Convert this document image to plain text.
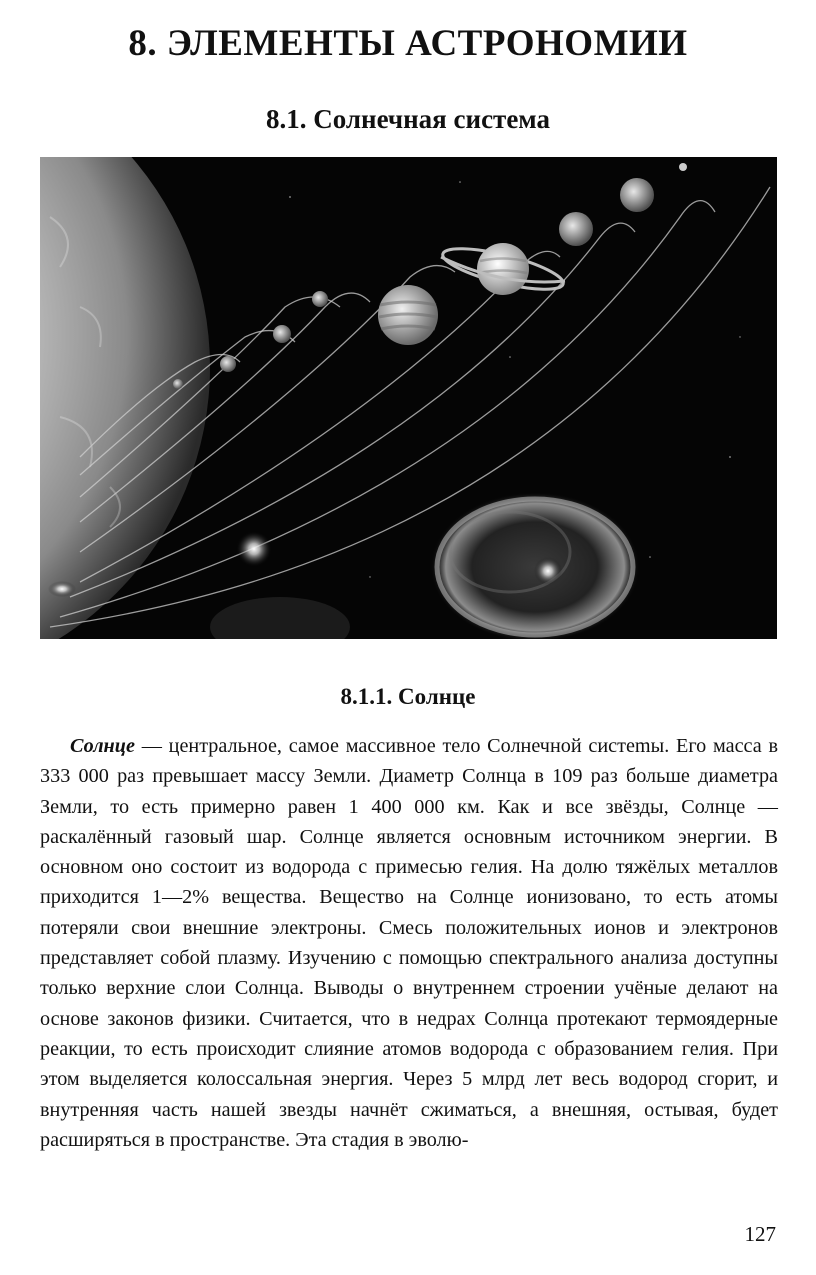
8. ЭЛЕМЕНТЫ АСТРОНОМИИ
8.1. Солнечная система
8.1.1. Солнце

Солнце — центральное, самое массивное тело Солнечной систеmы. Его масса в 333 000 раз превышает массу Земли. Диаметр Солнца в 109 раз больше диаметра Земли, то есть примерно равен 1 400 000 км. Как и все звёзды, Солнце — раскалённый газовый шар. Солнце является основным источником энергии. В основном оно состоит из водорода с примесью гелия. На долю тяжёлых металлов приходится 1—2% вещества. Вещество на Солнце ионизовано, то есть атомы потеряли свои внешние электроны. Смесь положительных ионов и электронов представляет собой плазму. Изучению с помощью спектрального анализа доступны только верхние слои Солнца. Выводы о внутреннем строении учёные делают на основе законов физики. Считается, что в недрах Солнца протекают термоядерные реакции, то есть происходит слияние атомов водорода с образованием гелия. При этом выделяется колоссальная энергия. Через 5 млрд лет весь водород сгорит, и внутренняя часть нашей звезды начнёт сжиматься, а внешняя, остывая, будет расширяться в пространстве. Эта стадия в эволю-

127
